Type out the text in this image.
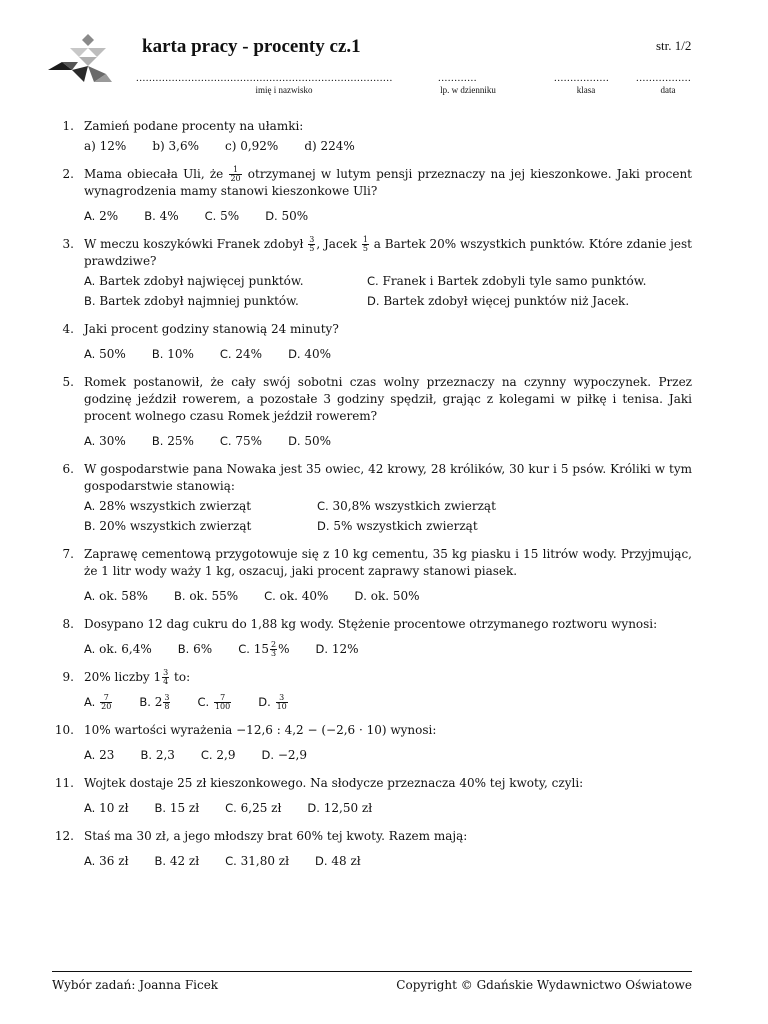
karta pracy - procenty cz.1	str. 1/2
...............................................................................
imię i nazwisko
............
lp. w dzienniku
.................
klasa
.................
data
1. Zamień podane procenty na ułamki:
a) 12% b) 3,6% c) 0,92% d) 224%
2. Mama obiecała Uli, że $\frac{1}{20}$ otrzymanej w lutym pensji przeznaczy na jej kieszonkowe. Jaki procent wynagrodzenia mamy stanowi kieszonkowe Uli?
A. 2% B. 4% C. 5% D. 50%
3. W meczu koszykówki Franek zdobył $\frac{3}{5}$ , Jacek $\frac{1}{5}$ a Bartek 20% wszystkich punktów. Które zdanie jest prawdziwe?
A. Bartek zdobył najwięcej punktów.	C. Franek i Bartek zdobyli tyle samo punktów.
B. Bartek zdobył najmniej punktów.	D. Bartek zdobył więcej punktów niż Jacek.
4. Jaki procent godziny stanowią 24 minuty?
A. 50% B. 10% C. 24% D. 40%
5. Romek postanowił, że cały swój sobotni czas wolny przeznaczy na czynny wypoczynek. Przez godzinę jeździł rowerem, a pozostałe 3 godziny spędził, grając z kolegami w piłkę i tenisa. Jaki procent wolnego czasu Romek jeździł rowerem?
A. 30% B. 25% C. 75% D. 50%
6. W gospodarstwie pana Nowaka jest 35 owiec, 42 krowy, 28 królików, 30 kur i 5 psów. Króliki w tym gospodarstwie stanowią:
A. 28% wszystkich zwierząt	C. 30,8% wszystkich zwierząt
B. 20% wszystkich zwierząt	D. 5% wszystkich zwierząt
7. Zaprawę cementową przygotowuje się z 10 kg cementu, 35 kg piasku i 15 litrów wody. Przyjmując, że 1 litr wody waży 1 kg, oszacuj, jaki procent zaprawy stanowi piasek.
A. ok. 58% B. ok. 55% C. ok. 40% D. ok. 50%
8. Dosypano 12 dag cukru do 1,88 kg wody. Stężenie procentowe otrzymanego roztworu wynosi:
A. ok. 6,4% B. 6% C. $15 \frac{2}{3}$ % D. 12%
9. 20% liczby $1 \frac{3}{4}$ to:
A. $\frac{7}{20} B$. $2 \frac{3}{8} C$. $\frac{7}{100} D$. $\frac{3}{10}$
10. 10% wartości wyrażenia −12,6 : 4,2 − (−2,6 · 10) wynosi:
A. 23 B. 2,3 C. 2,9 D. −2,9
11. Wojtek dostaje 25 zł kieszonkowego. Na słodycze przeznacza 40% tej kwoty, czyli:
A. 10 zł B. 15 zł C. 6,25 zł D. 12,50 zł
12. Staś ma 30 zł, a jego młodszy brat 60% tej kwoty. Razem mają:
A. 36 zł B. 42 zł C. 31,80 zł D. 48 zł
Wybór zadań: Joanna Ficek	Copyright © Gdańskie Wydawnictwo Oświatowe
